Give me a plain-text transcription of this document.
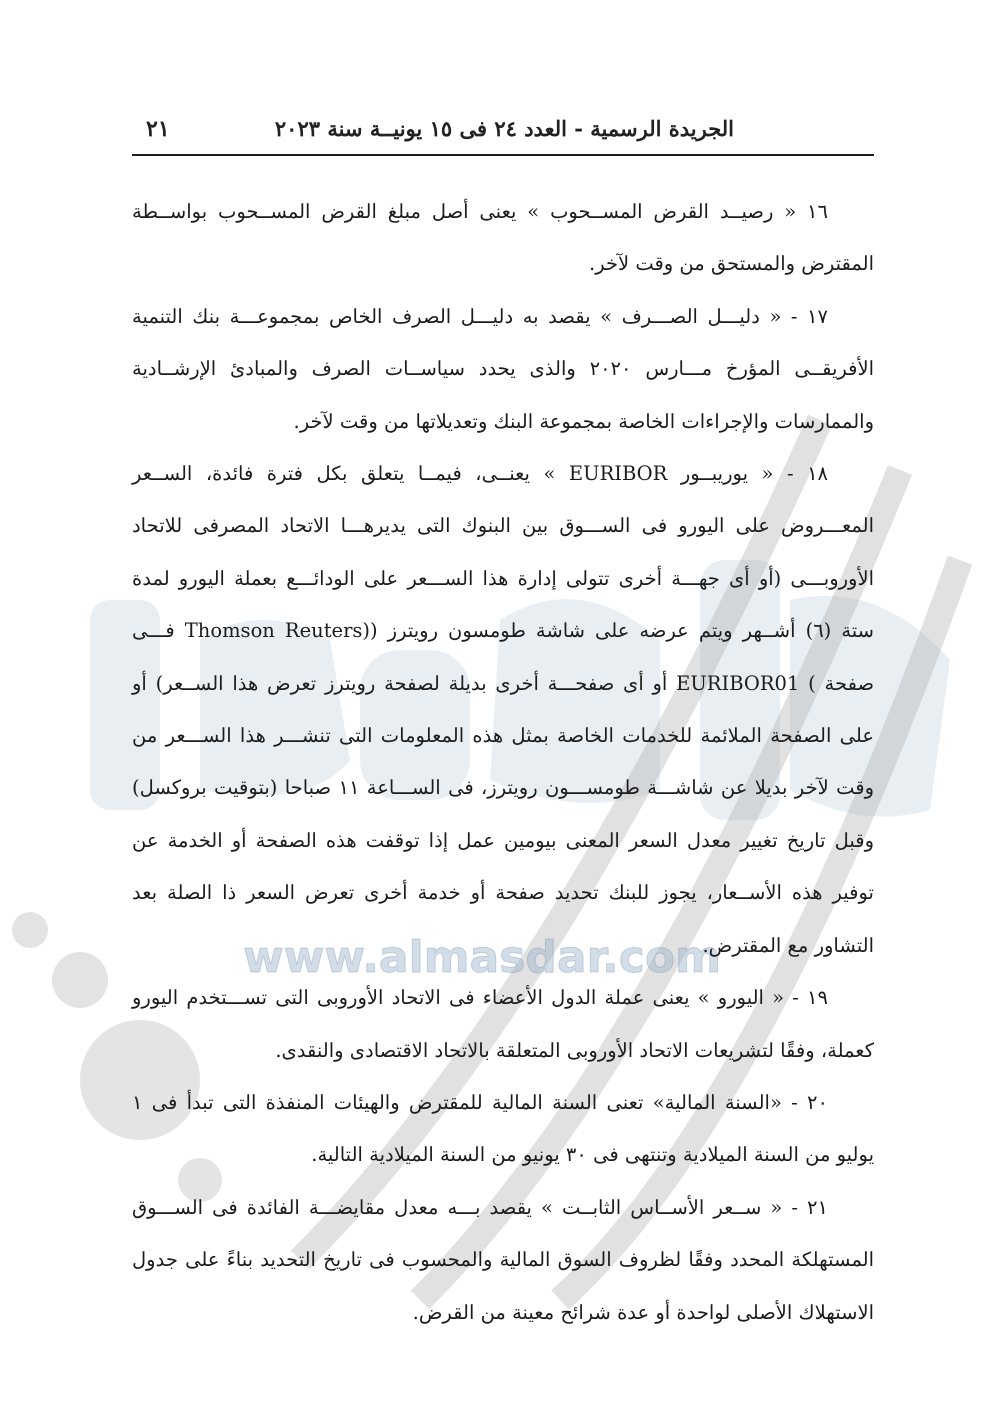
www.almasdar.com
الجريدة الرسمية - العدد ٢٤ فى ١٥ يونيــة سنة ٢٠٢٣
٢١

١٦ « رصيــد القرض المســحوب » يعنى أصل مبلغ القرض المســحوب بواســطة المقترض والمستحق من وقت لآخر.

١٧ - « دليـــل الصـــرف » يقصد به دليـــل الصرف الخاص بمجموعـــة بنك التنمية الأفريقــى المؤرخ مـــارس ٢٠٢٠ والذى يحدد سياســات الصرف والمبادئ الإرشــادية والممارسات والإجراءات الخاصة بمجموعة البنك وتعديلاتها من وقت لآخر.

١٨ - « يوريبــور EURIBOR » يعنــى، فيمــا يتعلق بكل فترة فائدة، الســعر المعـــروض على اليورو فى الســـوق بين البنوك التى يديرهـــا الاتحاد المصرفى للاتحاد الأوروبـــى (أو أى جهـــة أخرى تتولى إدارة هذا الســـعر على الودائـــع بعملة اليورو لمدة ستة (٦) أشــهر ويتم عرضه على شاشة طومسون رويترز ((Thomson Reuters فـــى صفحة ) EURIBOR01 أو أى صفحـــة أخرى بديلة لصفحة رويترز تعرض هذا الســعر) أو على الصفحة الملائمة للخدمات الخاصة بمثل هذه المعلومات التى تنشـــر هذا الســـعر من وقت لآخر بديلا عن شاشـــة طومســـون رويترز، فى الســـاعة ١١ صباحا (بتوقيت بروكسل) وقبل تاريخ تغيير معدل السعر المعنى بيومين عمل إذا توقفت هذه الصفحة أو الخدمة عن توفير هذه الأســعار، يجوز للبنك تحديد صفحة أو خدمة أخرى تعرض السعر ذا الصلة بعد التشاور مع المقترض.

١٩ - « اليورو » يعنى عملة الدول الأعضاء فى الاتحاد الأوروبى التى تســـتخدم اليورو كعملة، وفقًا لتشريعات الاتحاد الأوروبى المتعلقة بالاتحاد الاقتصادى والنقدى.

٢٠ - «السنة المالية» تعنى السنة المالية للمقترض والهيئات المنفذة التى تبدأ فى ١ يوليو من السنة الميلادية وتنتهى فى ٣٠ يونيو من السنة الميلادية التالية.

٢١ - « ســعر الأســاس الثابــت » يقصد بـــه معدل مقايضـــة الفائدة فى الســـوق المستهلكة المحدد وفقًا لظروف السوق المالية والمحسوب فى تاريخ التحديد بناءً على جدول الاستهلاك الأصلى لواحدة أو عدة شرائح معينة من القرض.
